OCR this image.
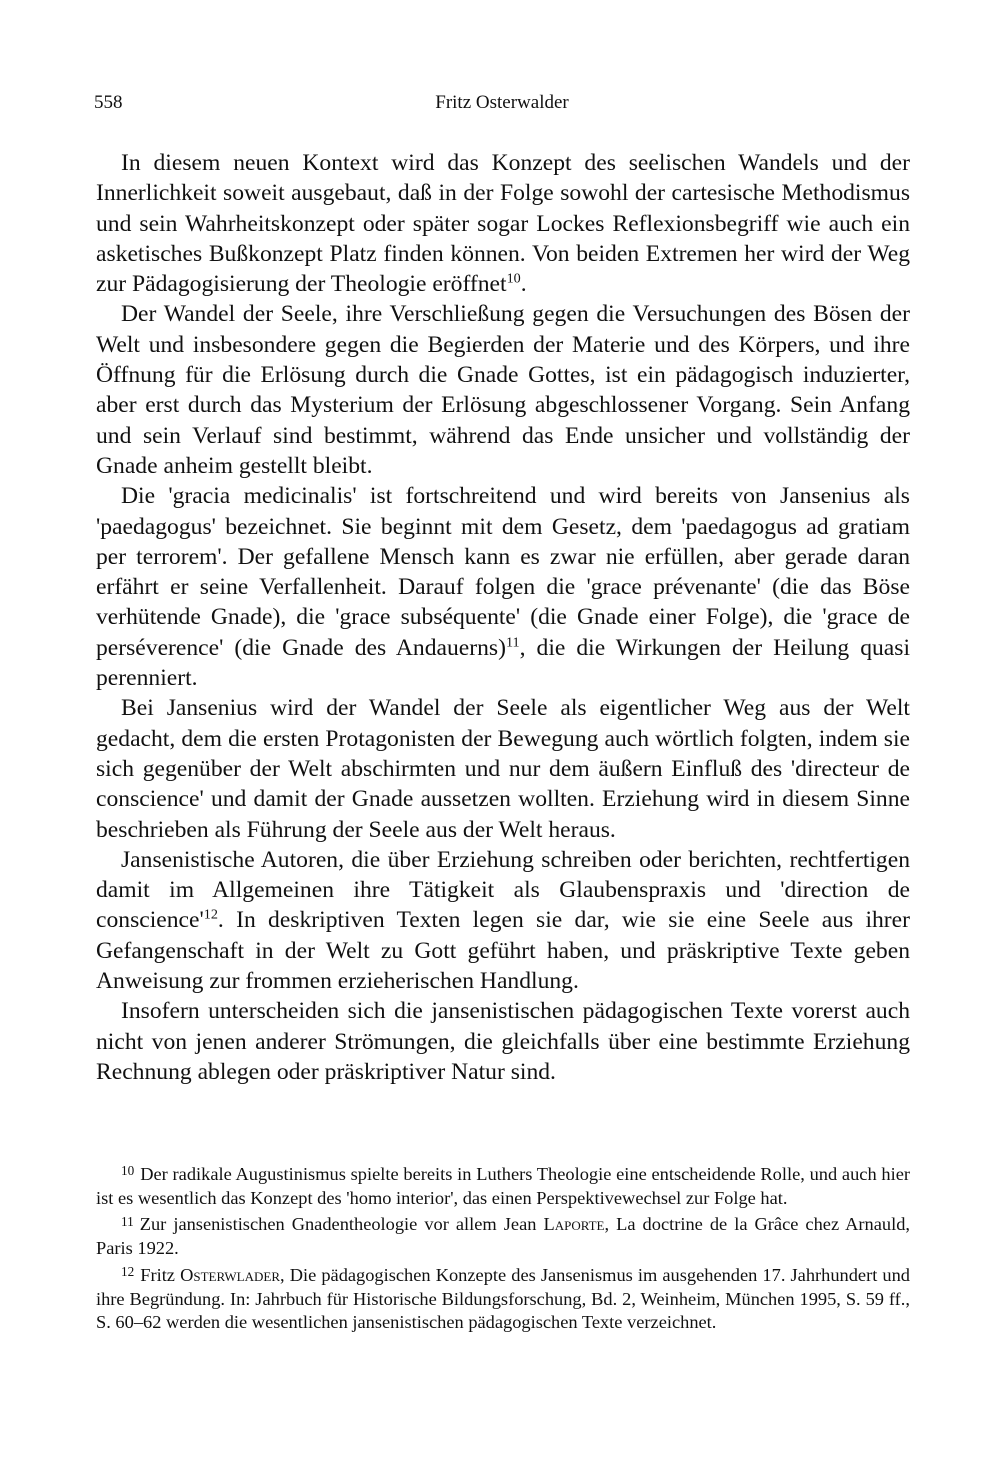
558	Fritz Osterwalder

In diesem neuen Kontext wird das Konzept des seelischen Wandels und der Innerlichkeit soweit ausgebaut, daß in der Folge sowohl der cartesische Methodismus und sein Wahrheitskonzept oder später sogar Lockes Reflexionsbegriff wie auch ein asketisches Bußkonzept Platz finden können. Von beiden Extremen her wird der Weg zur Pädagogisierung der Theologie eröffnet$^{10}$.

Der Wandel der Seele, ihre Verschließung gegen die Versuchungen des Bösen der Welt und insbesondere gegen die Begierden der Materie und des Körpers, und ihre Öffnung für die Erlösung durch die Gnade Gottes, ist ein pädagogisch induzierter, aber erst durch das Mysterium der Erlösung abgeschlossener Vorgang. Sein Anfang und sein Verlauf sind bestimmt, während das Ende unsicher und vollständig der Gnade anheim gestellt bleibt.

Die 'gracia medicinalis' ist fortschreitend und wird bereits von Jansenius als 'paedagogus' bezeichnet. Sie beginnt mit dem Gesetz, dem 'paedagogus ad gratiam per terrorem'. Der gefallene Mensch kann es zwar nie erfüllen, aber gerade daran erfährt er seine Verfallenheit. Darauf folgen die 'grace prévenante' (die das Böse verhütende Gnade), die 'grace subséquente' (die Gnade einer Folge), die 'grace de perséverence' (die Gnade des Andauerns)$^{11}$, die die Wirkungen der Heilung quasi perenniert.

Bei Jansenius wird der Wandel der Seele als eigentlicher Weg aus der Welt gedacht, dem die ersten Protagonisten der Bewegung auch wörtlich folgten, indem sie sich gegenüber der Welt abschirmten und nur dem äußern Einfluß des 'directeur de conscience' und damit der Gnade aussetzen wollten. Erziehung wird in diesem Sinne beschrieben als Führung der Seele aus der Welt heraus.

Jansenistische Autoren, die über Erziehung schreiben oder berichten, rechtfertigen damit im Allgemeinen ihre Tätigkeit als Glaubenspraxis und 'direction de $conscience'^{12}$. In deskriptiven Texten legen sie dar, wie sie eine Seele aus ihrer Gefangenschaft in der Welt zu Gott geführt haben, und präskriptive Texte geben Anweisung zur frommen erzieherischen Handlung.

Insofern unterscheiden sich die jansenistischen pädagogischen Texte vorerst auch nicht von jenen anderer Strömungen, die gleichfalls über eine bestimmte Erziehung Rechnung ablegen oder präskriptiver Natur sind.

$^{10}$ Der radikale Augustinismus spielte bereits in Luthers Theologie eine entscheidende Rolle, und auch hier ist es wesentlich das Konzept des 'homo interior', das einen Perspektivewechsel zur Folge hat.

$^{11}$ Zur jansenistischen Gnadentheologie vor allem Jean Laporte, La doctrine de la Grâce chez Arnauld, Paris 1922.

$^{12}$ Fritz Osterwlader, Die pädagogischen Konzepte des Jansenismus im ausgehenden 17. Jahrhundert und ihre Begründung. In: Jahrbuch für Historische Bildungsforschung, Bd. 2, Weinheim, München 1995, S. 59 ff., S. 60–62 werden die wesentlichen jansenistischen pädagogischen Texte verzeichnet.
